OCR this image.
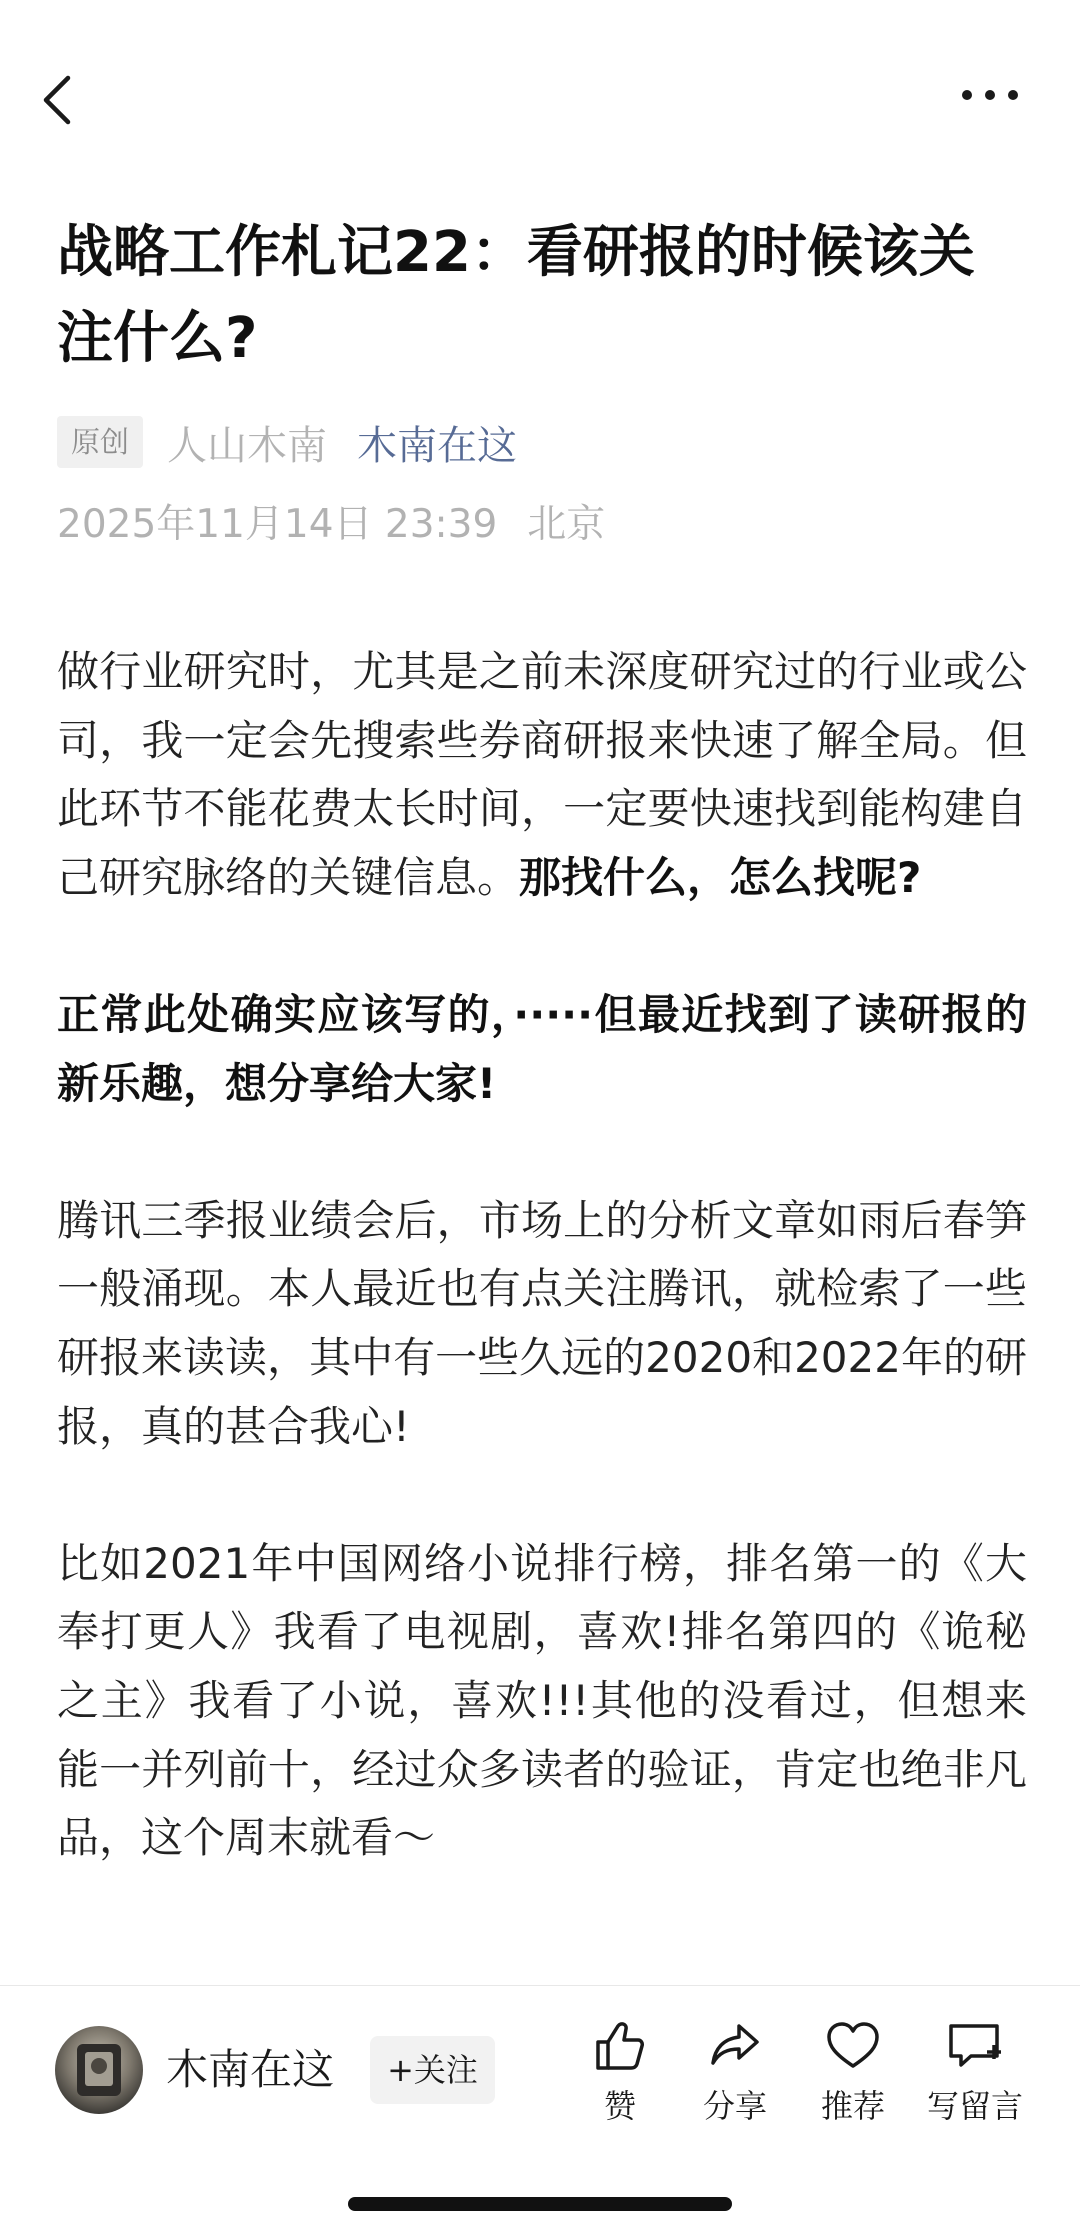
战略工作札记22：看研报的时候该关注什么?
原创 人山木南 木南在这
2025年11月14日 23:39 北京

做行业研究时，尤其是之前未深度研究过的行业或公司，我一定会先搜索些券商研报来快速了解全局。但此环节不能花费太长时间，一定要快速找到能构建自己研究脉络的关键信息。那找什么，怎么找呢?

正常此处确实应该写的，·····但最近找到了读研报的新乐趣，想分享给大家!

腾讯三季报业绩会后，市场上的分析文章如雨后春笋一般涌现。本人最近也有点关注腾讯，就检索了一些研报来读读，其中有一些久远的2020和2022年的研报，真的甚合我心!

比如2021年中国网络小说排行榜，排名第一的《大奉打更人》我看了电视剧，喜欢!排名第四的《诡秘之主》我看了小说，喜欢!!!其他的没看过，但想来能一并列前十，经过众多读者的验证，肯定也绝非凡品，这个周末就看～

木南在这	+关注
赞	分享	推荐	写留言
